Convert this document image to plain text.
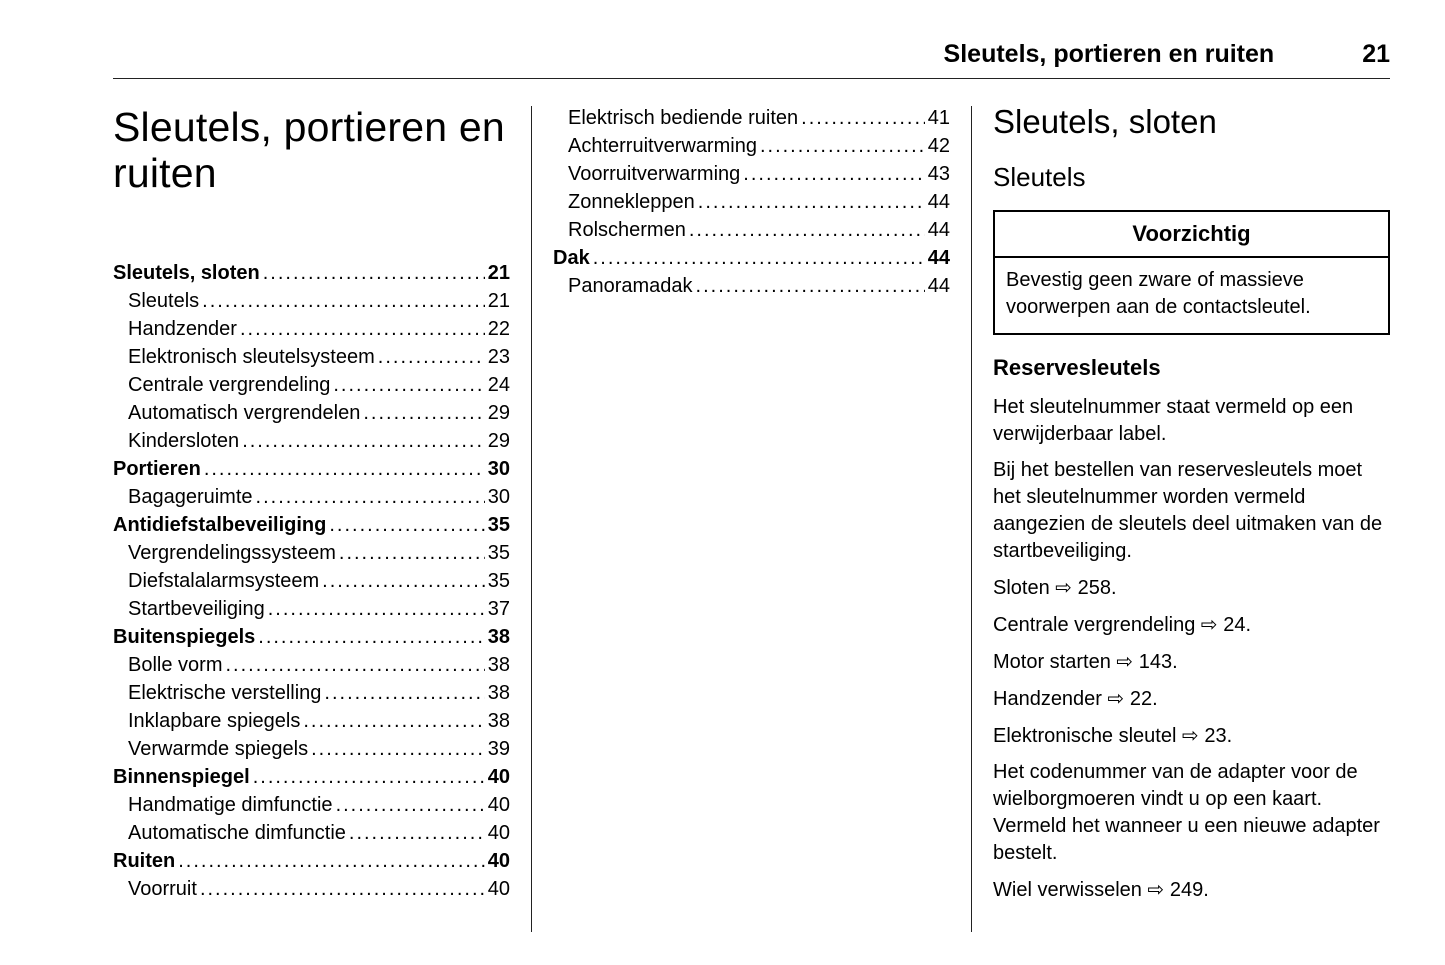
Sleutels, portieren en ruiten	21
Sleutels, portieren en ruiten
Sleutels, sloten .....	21
Sleutels .....	21
Handzender .....	22
Elektronisch sleutelsysteem .....	23
Centrale vergrendeling .....	24
Automatisch vergrendelen .....	29
Kindersloten .....	29
Portieren .....	30
Bagageruimte .....	30
Antidiefstalbeveiliging .....	35
Vergrendelingssysteem .....	35
Diefstalalarmsysteem .....	35
Startbeveiliging .....	37
Buitenspiegels .....	38
Bolle vorm .....	38
Elektrische verstelling .....	38
Inklapbare spiegels .....	38
Verwarmde spiegels .....	39
Binnenspiegel .....	40
Handmatige dimfunctie .....	40
Automatische dimfunctie .....	40
Ruiten .....	40
Voorruit .....	40
Elektrisch bediende ruiten .....	41
Achterruitverwarming .....	42
Voorruitverwarming .....	43
Zonnekleppen .....	44
Rolschermen .....	44
Dak .....	44
Panoramadak .....	44
Sleutels, sloten
Sleutels
Voorzichtig
Bevestig geen zware of massieve voorwerpen aan de contactsleutel.
Reservesleutels

Het sleutelnummer staat vermeld op een verwijderbaar label.

Bij het bestellen van reservesleutels moet het sleutelnummer worden vermeld aangezien de sleutels deel uitmaken van de startbeveiliging.

Sloten ⇨ 258.

Centrale vergrendeling ⇨ 24.

Motor starten ⇨ 143.

Handzender ⇨ 22.

Elektronische sleutel ⇨ 23.

Het codenummer van de adapter voor de wielborgmoeren vindt u op een kaart. Vermeld het wanneer u een nieuwe adapter bestelt.

Wiel verwisselen ⇨ 249.
